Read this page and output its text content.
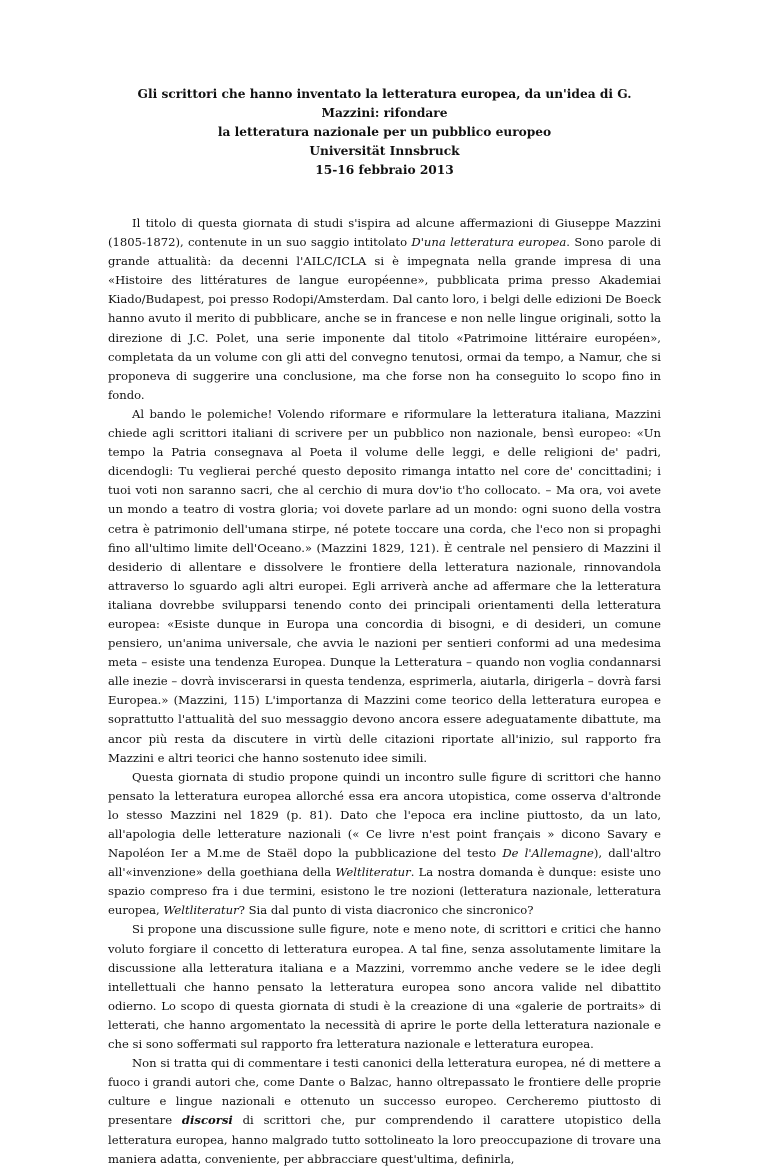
Gli scrittori che hanno inventato la letteratura europea, da un'idea di G. Mazzini: rifondare
la letteratura nazionale per un pubblico europeo
Universität Innsbruck
15-16 febbraio 2013

Il titolo di questa giornata di studi s'ispira ad alcune affermazioni di Giuseppe Mazzini (1805-1872), contenute in un suo saggio intitolato D'una letteratura europea. Sono parole di grande attualità: da decenni l'AILC/ICLA si è impegnata nella grande impresa di una «Histoire des littératures de langue européenne», pubblicata prima presso Akademiai Kiado/Budapest, poi presso Rodopi/Amsterdam. Dal canto loro, i belgi delle edizioni De Boeck hanno avuto il merito di pubblicare, anche se in francese e non nelle lingue originali, sotto la direzione di J.C. Polet, una serie imponente dal titolo «Patrimoine littéraire européen», completata da un volume con gli atti del convegno tenutosi, ormai da tempo, a Namur, che si proponeva di suggerire una conclusione, ma che forse non ha conseguito lo scopo fino in fondo.

Al bando le polemiche! Volendo riformare e riformulare la letteratura italiana, Mazzini chiede agli scrittori italiani di scrivere per un pubblico non nazionale, bensì europeo: «Un tempo la Patria consegnava al Poeta il volume delle leggi, e delle religioni de' padri, dicendogli: Tu veglierai perché questo deposito rimanga intatto nel core de' concittadini; i tuoi voti non saranno sacri, che al cerchio di mura dov'io t'ho collocato. – Ma ora, voi avete un mondo a teatro di vostra gloria; voi dovete parlare ad un mondo: ogni suono della vostra cetra è patrimonio dell'umana stirpe, né potete toccare una corda, che l'eco non si propaghi fino all'ultimo limite dell'Oceano.» (Mazzini 1829, 121). È centrale nel pensiero di Mazzini il desiderio di allentare e dissolvere le frontiere della letteratura nazionale, rinnovandola attraverso lo sguardo agli altri europei. Egli arriverà anche ad affermare che la letteratura italiana dovrebbe svilupparsi tenendo conto dei principali orientamenti della letteratura europea: «Esiste dunque in Europa una concordia di bisogni, e di desideri, un comune pensiero, un'anima universale, che avvia le nazioni per sentieri conformi ad una medesima meta – esiste una tendenza Europea. Dunque la Letteratura – quando non voglia condannarsi alle inezie – dovrà inviscerarsi in questa tendenza, esprimerla, aiutarla, dirigerla – dovrà farsi Europea.» (Mazzini, 115) L'importanza di Mazzini come teorico della letteratura europea e soprattutto l'attualità del suo messaggio devono ancora essere adeguatamente dibattute, ma ancor più resta da discutere in virtù delle citazioni riportate all'inizio, sul rapporto fra Mazzini e altri teorici che hanno sostenuto idee simili.

Questa giornata di studio propone quindi un incontro sulle figure di scrittori che hanno pensato la letteratura europea allorché essa era ancora utopistica, come osserva d'altronde lo stesso Mazzini nel 1829 (p. 81). Dato che l'epoca era incline piuttosto, da un lato, all'apologia delle letterature nazionali (« Ce livre n'est point français » dicono Savary e Napoléon Ier a M.me de Staël dopo la pubblicazione del testo De l'Allemagne), dall'altro all'«invenzione» della goethiana della Weltliteratur. La nostra domanda è dunque: esiste uno spazio compreso fra i due termini, esistono le tre nozioni (letteratura nazionale, letteratura europea, Weltliteratur? Sia dal punto di vista diacronico che sincronico?

Si propone una discussione sulle figure, note e meno note, di scrittori e critici che hanno voluto forgiare il concetto di letteratura europea. A tal fine, senza assolutamente limitare la discussione alla letteratura italiana e a Mazzini, vorremmo anche vedere se le idee degli intellettuali che hanno pensato la letteratura europea sono ancora valide nel dibattito odierno. Lo scopo di questa giornata di studi è la creazione di una «galerie de portraits» di letterati, che hanno argomentato la necessità di aprire le porte della letteratura nazionale e che si sono soffermati sul rapporto fra letteratura nazionale e letteratura europea.

Non si tratta qui di commentare i testi canonici della letteratura europea, né di mettere a fuoco i grandi autori che, come Dante o Balzac, hanno oltrepassato le frontiere delle proprie culture e lingue nazionali e ottenuto un successo europeo. Cercheremo piuttosto di presentare discorsi di scrittori che, pur comprendendo il carattere utopistico della letteratura europea, hanno malgrado tutto sottolineato la loro preoccupazione di trovare una maniera adatta, conveniente, per abbracciare quest'ultima, definirla,
